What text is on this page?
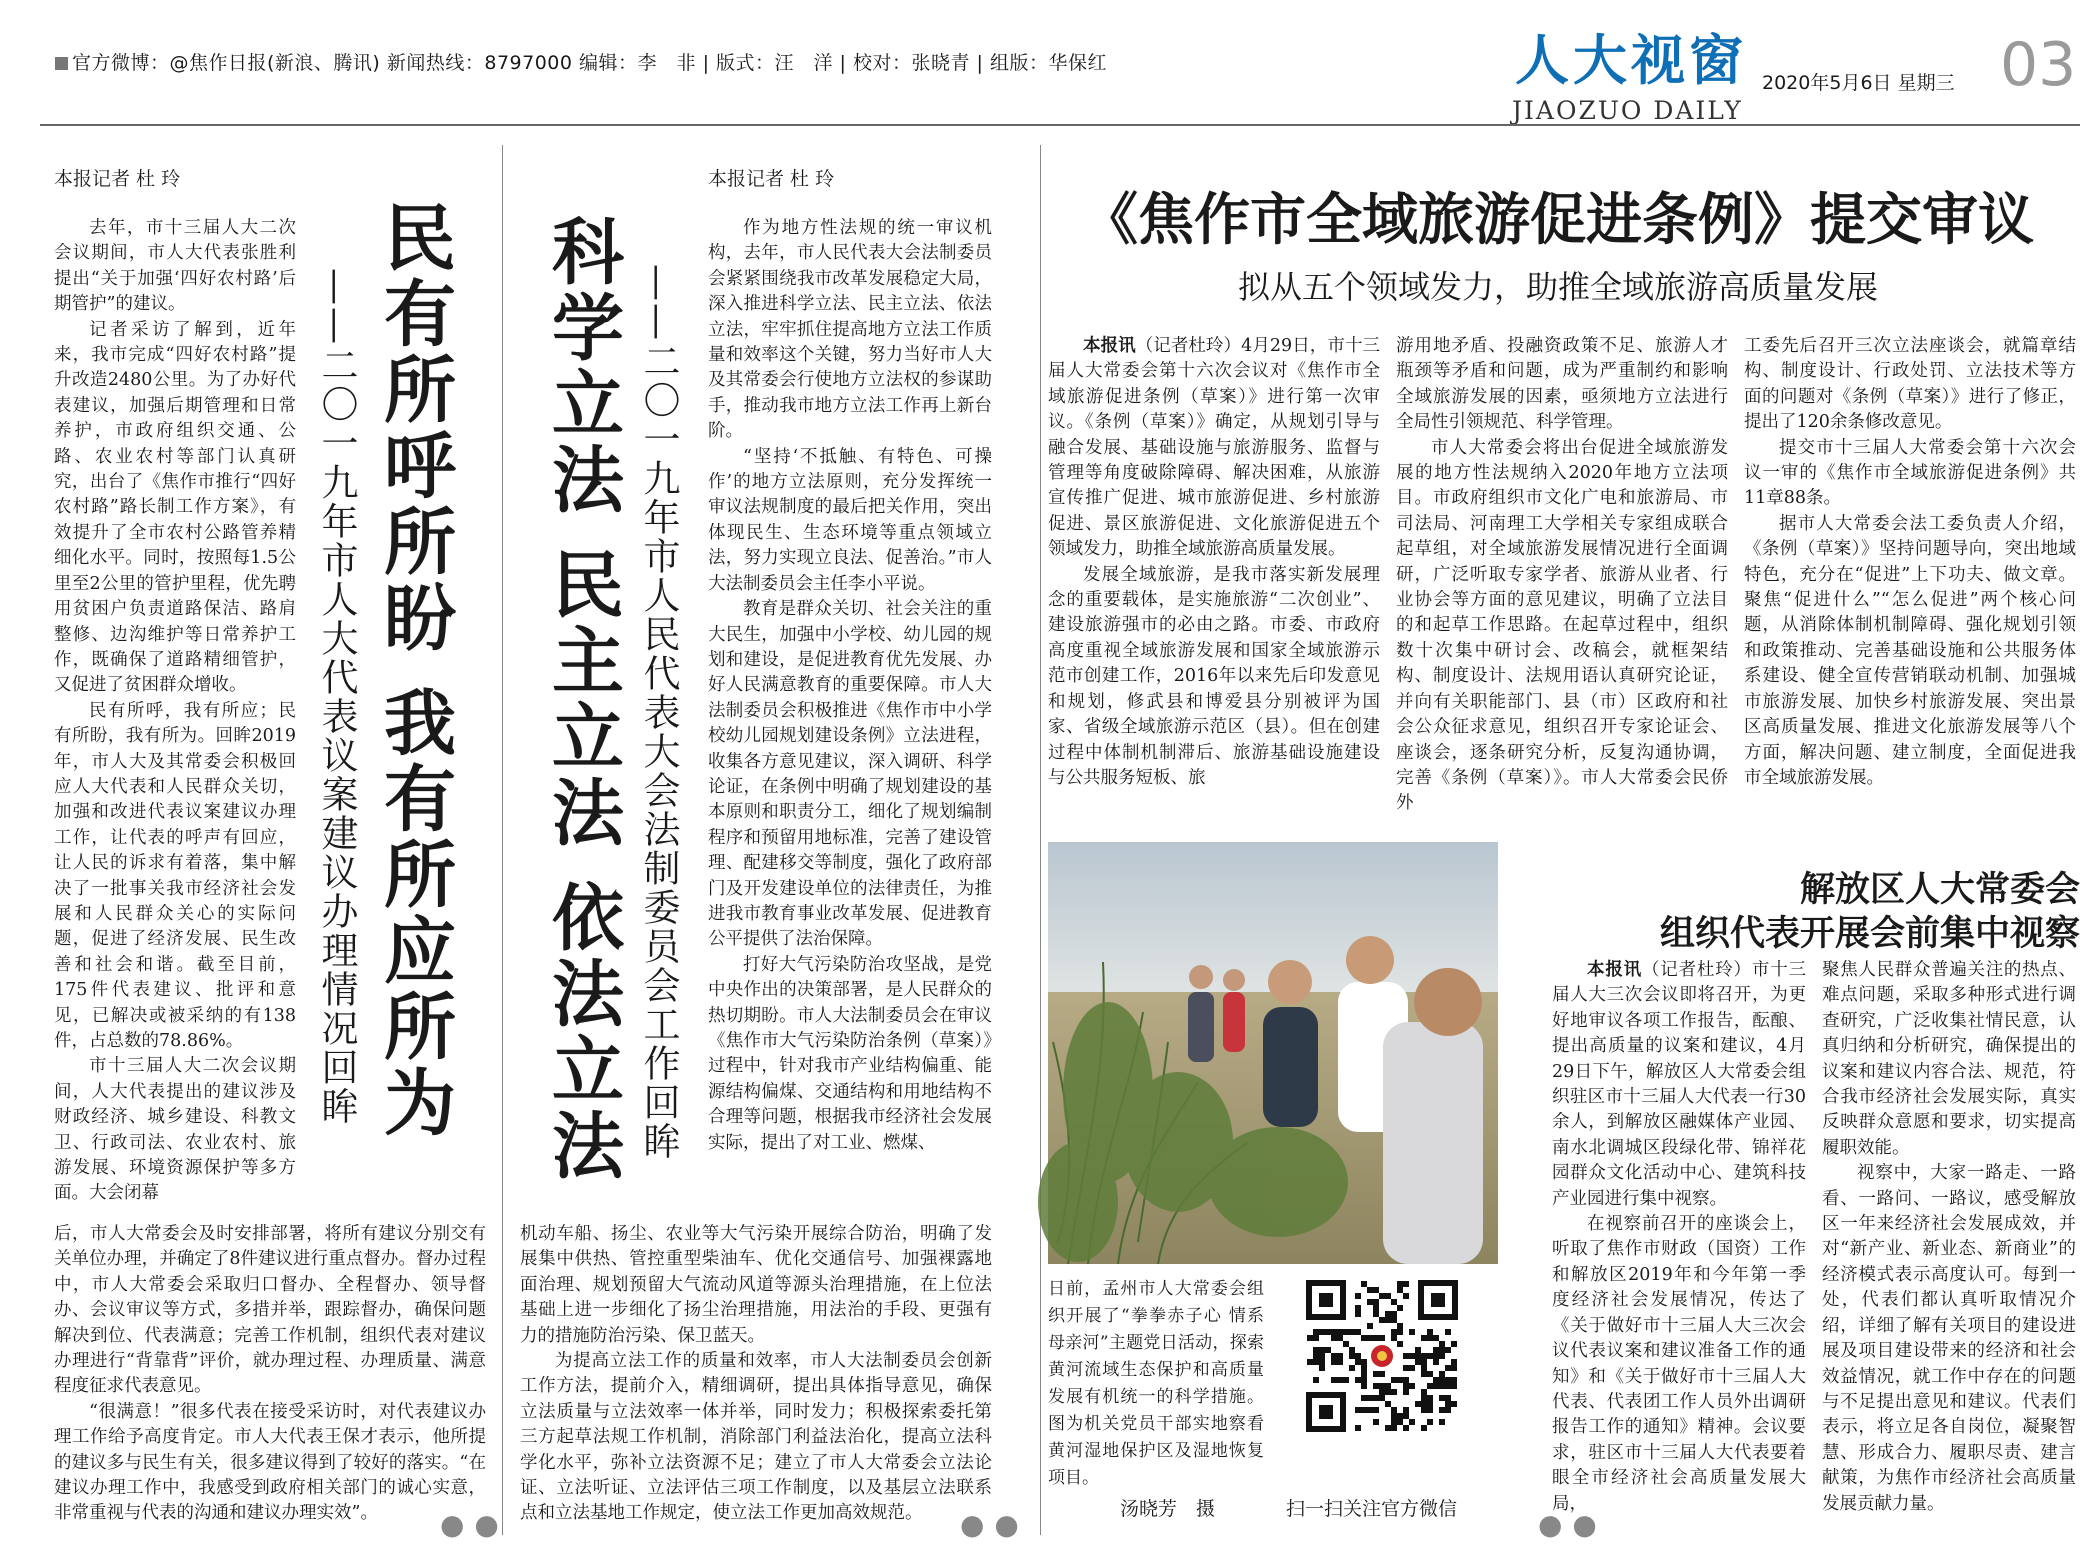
官方微博：@焦作日报(新浪、腾讯) 新闻热线：8797000 编辑：李　非 | 版式：汪　洋 | 校对：张晓青 | 组版：华保红	人大视窗
JIAOZUO DAILY
2020年5月6日 星期三 03
本报记者 杜 玲

去年，市十三届人大二次会议期间，市人大代表张胜利提出“关于加强‘四好农村路’后期管护”的建议。

记者采访了解到，近年来，我市完成“四好农村路”提升改造2480公里。为了办好代表建议，加强后期管理和日常养护，市政府组织交通、公路、农业农村等部门认真研究，出台了《焦作市推行“四好农村路”路长制工作方案》，有效提升了全市农村公路管养精细化水平。同时，按照每1.5公里至2公里的管护里程，优先聘用贫困户负责道路保洁、路肩整修、边沟维护等日常养护工作，既确保了道路精细管护，又促进了贫困群众增收。

民有所呼，我有所应；民有所盼，我有所为。回眸2019年，市人大及其常委会积极回应人大代表和人民群众关切，加强和改进代表议案建议办理工作，让代表的呼声有回应，让人民的诉求有着落，集中解决了一批事关我市经济社会发展和人民群众关心的实际问题，促进了经济发展、民生改善和社会和谐。截至目前，175件代表建议、批评和意见，已解决或被采纳的有138件，占总数的78.86%。

市十三届人大二次会议期间，人大代表提出的建议涉及财政经济、城乡建设、科教文卫、行政司法、农业农村、旅游发展、环境资源保护等多方面。大会闭幕

民有所呼所盼 我有所应所为
——二〇一九年市人大代表议案建议办理情况回眸

后，市人大常委会及时安排部署，将所有建议分别交有关单位办理，并确定了8件建议进行重点督办。督办过程中，市人大常委会采取归口督办、全程督办、领导督办、会议审议等方式，多措并举，跟踪督办，确保问题解决到位、代表满意；完善工作机制，组织代表对建议办理进行“背靠背”评价，就办理过程、办理质量、满意程度征求代表意见。

“很满意！”很多代表在接受采访时，对代表建议办理工作给予高度肯定。市人大代表王保才表示，他所提的建议多与民生有关，很多建议得到了较好的落实。“在建议办理工作中，我感受到政府相关部门的诚心实意，非常重视与代表的沟通和建议办理实效”。	●●
本报记者 杜 玲
科学立法 民主立法 依法立法 ——二〇一九年市人民代表大会法制委员会工作回眸

作为地方性法规的统一审议机构，去年，市人民代表大会法制委员会紧紧围绕我市改革发展稳定大局，深入推进科学立法、民主立法、依法立法，牢牢抓住提高地方立法工作质量和效率这个关键，努力当好市人大及其常委会行使地方立法权的参谋助手，推动我市地方立法工作再上新台阶。

“坚持‘不抵触、有特色、可操作’的地方立法原则，充分发挥统一审议法规制度的最后把关作用，突出体现民生、生态环境等重点领域立法，努力实现立良法、促善治。”市人大法制委员会主任李小平说。

教育是群众关切、社会关注的重大民生，加强中小学校、幼儿园的规划和建设，是促进教育优先发展、办好人民满意教育的重要保障。市人大法制委员会积极推进《焦作市中小学校幼儿园规划建设条例》立法进程，收集各方意见建议，深入调研、科学论证，在条例中明确了规划建设的基本原则和职责分工，细化了规划编制程序和预留用地标准，完善了建设管理、配建移交等制度，强化了政府部门及开发建设单位的法律责任，为推进我市教育事业改革发展、促进教育公平提供了法治保障。

打好大气污染防治攻坚战，是党中央作出的决策部署，是人民群众的热切期盼。市人大法制委员会在审议《焦作市大气污染防治条例（草案）》过程中，针对我市产业结构偏重、能源结构偏煤、交通结构和用地结构不合理等问题，根据我市经济社会发展实际，提出了对工业、燃煤、

机动车船、扬尘、农业等大气污染开展综合防治，明确了发展集中供热、管控重型柴油车、优化交通信号、加强裸露地面治理、规划预留大气流动风道等源头治理措施，在上位法基础上进一步细化了扬尘治理措施，用法治的手段、更强有力的措施防治污染、保卫蓝天。

为提高立法工作的质量和效率，市人大法制委员会创新工作方法，提前介入，精细调研，提出具体指导意见，确保立法质量与立法效率一体并举，同时发力；积极探索委托第三方起草法规工作机制，消除部门利益法治化，提高立法科学化水平，弥补立法资源不足；建立了市人大常委会立法论证、立法听证、立法评估三项工作制度，以及基层立法联系点和立法基地工作规定，使立法工作更加高效规范。	●●
《焦作市全域旅游促进条例》提交审议
拟从五个领域发力，助推全域旅游高质量发展

本报讯（记者杜玲）4月29日，市十三届人大常委会第十六次会议对《焦作市全域旅游促进条例（草案）》进行第一次审议。《条例（草案）》确定，从规划引导与融合发展、基础设施与旅游服务、监督与管理等角度破除障碍、解决困难，从旅游宣传推广促进、城市旅游促进、乡村旅游促进、景区旅游促进、文化旅游促进五个领域发力，助推全域旅游高质量发展。

发展全域旅游，是我市落实新发展理念的重要载体，是实施旅游“二次创业”、建设旅游强市的必由之路。市委、市政府高度重视全域旅游发展和国家全域旅游示范市创建工作，2016年以来先后印发意见和规划，修武县和博爱县分别被评为国家、省级全域旅游示范区（县）。但在创建过程中体制机制滞后、旅游基础设施建设与公共服务短板、旅

游用地矛盾、投融资政策不足、旅游人才瓶颈等矛盾和问题，成为严重制约和影响全域旅游发展的因素，亟须地方立法进行全局性引领规范、科学管理。

市人大常委会将出台促进全域旅游发展的地方性法规纳入2020年地方立法项目。市政府组织市文化广电和旅游局、市司法局、河南理工大学相关专家组成联合起草组，对全域旅游发展情况进行全面调研，广泛听取专家学者、旅游从业者、行业协会等方面的意见建议，明确了立法目的和起草工作思路。在起草过程中，组织数十次集中研讨会、改稿会，就框架结构、制度设计、法规用语认真研究论证，并向有关职能部门、县（市）区政府和社会公众征求意见，组织召开专家论证会、座谈会，逐条研究分析，反复沟通协调，完善《条例（草案）》。市人大常委会民侨外

工委先后召开三次立法座谈会，就篇章结构、制度设计、行政处罚、立法技术等方面的问题对《条例（草案）》进行了修正，提出了120余条修改意见。

提交市十三届人大常委会第十六次会议一审的《焦作市全域旅游促进条例》共11章88条。

据市人大常委会法工委负责人介绍，《条例（草案）》坚持问题导向，突出地域特色，充分在“促进”上下功夫、做文章。聚焦“促进什么”“怎么促进”两个核心问题，从消除体制机制障碍、强化规划引领和政策推动、完善基础设施和公共服务体系建设、健全宣传营销联动机制、加强城市旅游发展、加快乡村旅游发展、突出景区高质量发展、推进文化旅游发展等八个方面，解决问题、建立制度，全面促进我市全域旅游发展。

日前，孟州市人大常委会组织开展了“拳拳赤子心 情系母亲河”主题党日活动，探索黄河流域生态保护和高质量发展有机统一的科学措施。图为机关党员干部实地察看黄河湿地保护区及湿地恢复项目。
汤晓芳　摄	扫一扫关注官方微信	●●
解放区人大常委会
组织代表开展会前集中视察

本报讯（记者杜玲）市十三届人大三次会议即将召开，为更好地审议各项工作报告，酝酿、提出高质量的议案和建议，4月29日下午，解放区人大常委会组织驻区市十三届人大代表一行30余人，到解放区融媒体产业园、南水北调城区段绿化带、锦祥花园群众文化活动中心、建筑科技产业园进行集中视察。

在视察前召开的座谈会上，听取了焦作市财政（国资）工作和解放区2019年和今年第一季度经济社会发展情况，传达了《关于做好市十三届人大三次会议代表议案和建议准备工作的通知》和《关于做好市十三届人大代表、代表团工作人员外出调研报告工作的通知》精神。会议要求，驻区市十三届人大代表要着眼全市经济社会高质量发展大局，

聚焦人民群众普遍关注的热点、难点问题，采取多种形式进行调查研究，广泛收集社情民意，认真归纳和分析研究，确保提出的议案和建议内容合法、规范，符合我市经济社会发展实际，真实反映群众意愿和要求，切实提高履职效能。

视察中，大家一路走、一路看、一路问、一路议，感受解放区一年来经济社会发展成效，并对“新产业、新业态、新商业”的经济模式表示高度认可。每到一处，代表们都认真听取情况介绍，详细了解有关项目的建设进展及项目建设带来的经济和社会效益情况，就工作中存在的问题与不足提出意见和建议。代表们表示，将立足各自岗位，凝聚智慧、形成合力、履职尽责、建言献策，为焦作市经济社会高质量发展贡献力量。
